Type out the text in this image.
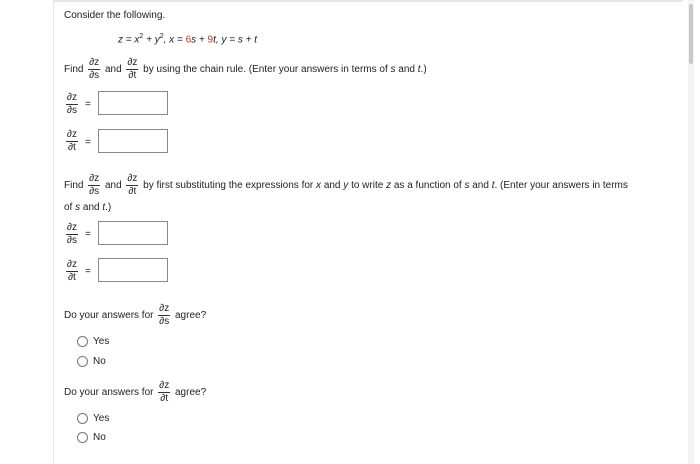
Consider the following.
$z = x^2 + y^2$, x = 6s + 9t, y = s + t
Find $\frac{\partial z}{\partial s}$ and $\frac{\partial z}{\partial t}$ by using the chain rule. (Enter your answers in terms of s and t.)
$\frac{\partial z}{\partial s}$ =
$\frac{\partial z}{\partial t}$ =
Find $\frac{\partial z}{\partial s}$ and $\frac{\partial z}{\partial t}$ by first substituting the expressions for x and y to write z as a function of s and t. (Enter your answers in terms
of s and t.)
$\frac{\partial z}{\partial s}$ =
$\frac{\partial z}{\partial t}$ =
Do your answers for $\frac{\partial z}{\partial s}$ agree?
Yes
No
Do your answers for $\frac{\partial z}{\partial t}$ agree?
Yes
No
